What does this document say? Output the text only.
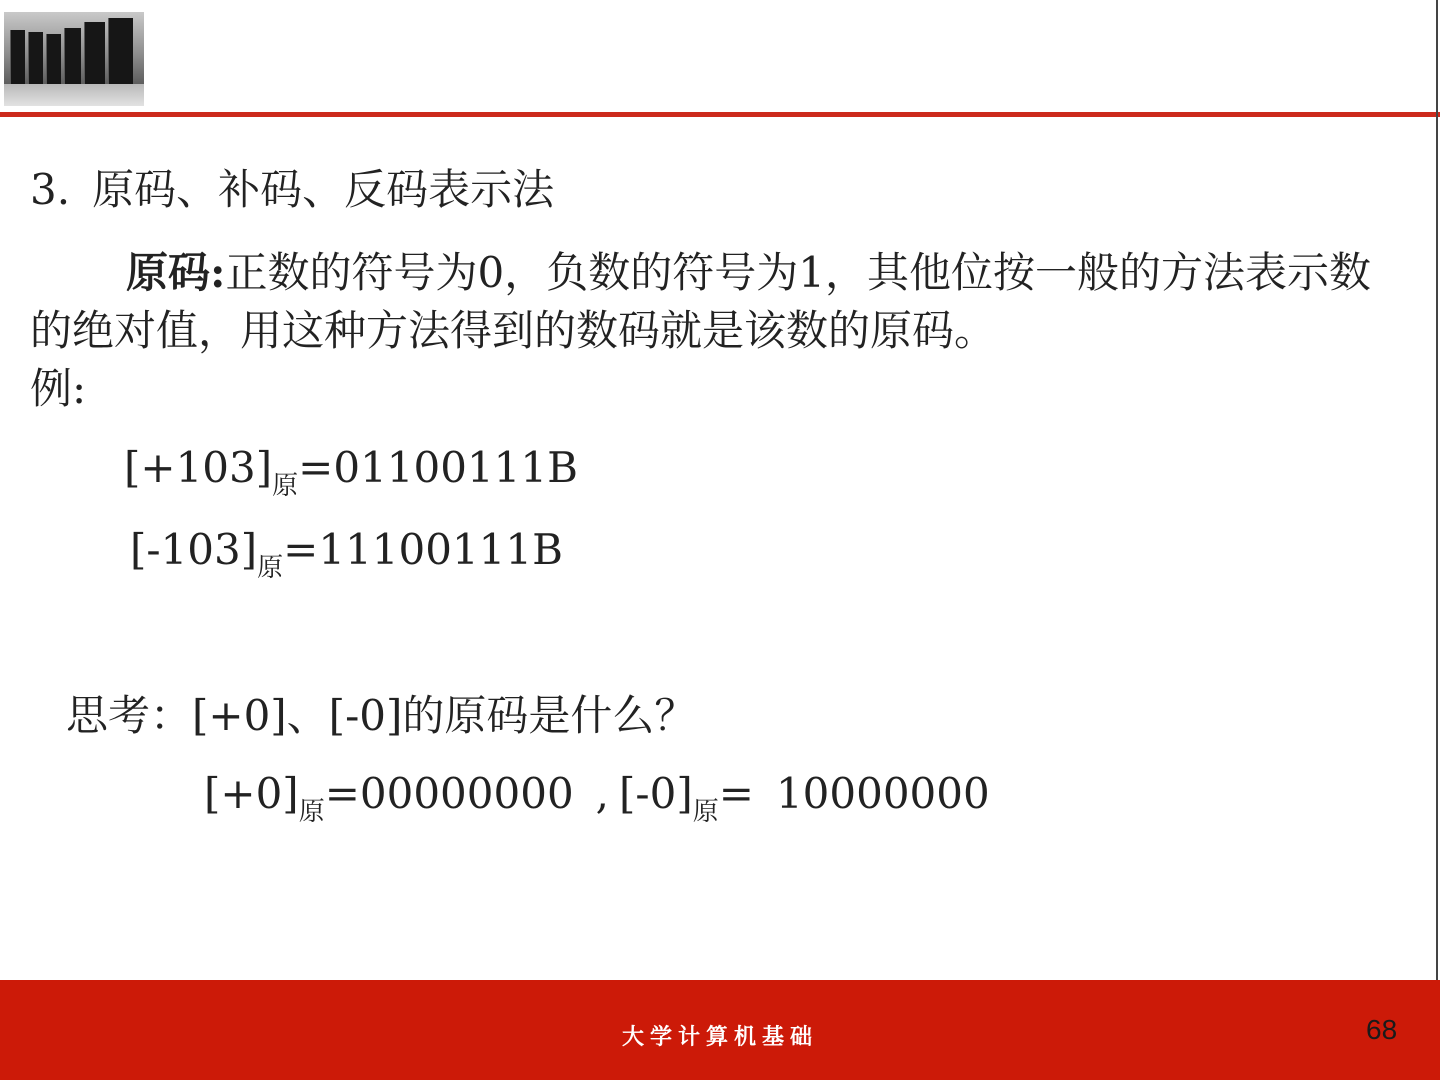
3. 原码、补码、反码表示法
原码:正数的符号为0，负数的符号为1，其他位按一般的方法表示数的绝对值，用这种方法得到的数码就是该数的原码。
例:
$[+103]_原=01100111B$
$[-103]_原=11100111B$
思考：[+0]、[-0]的原码是什么？
$[+0]_原=00000000$ , $[-0]_原= 10000000$
大学计算机基础	68
